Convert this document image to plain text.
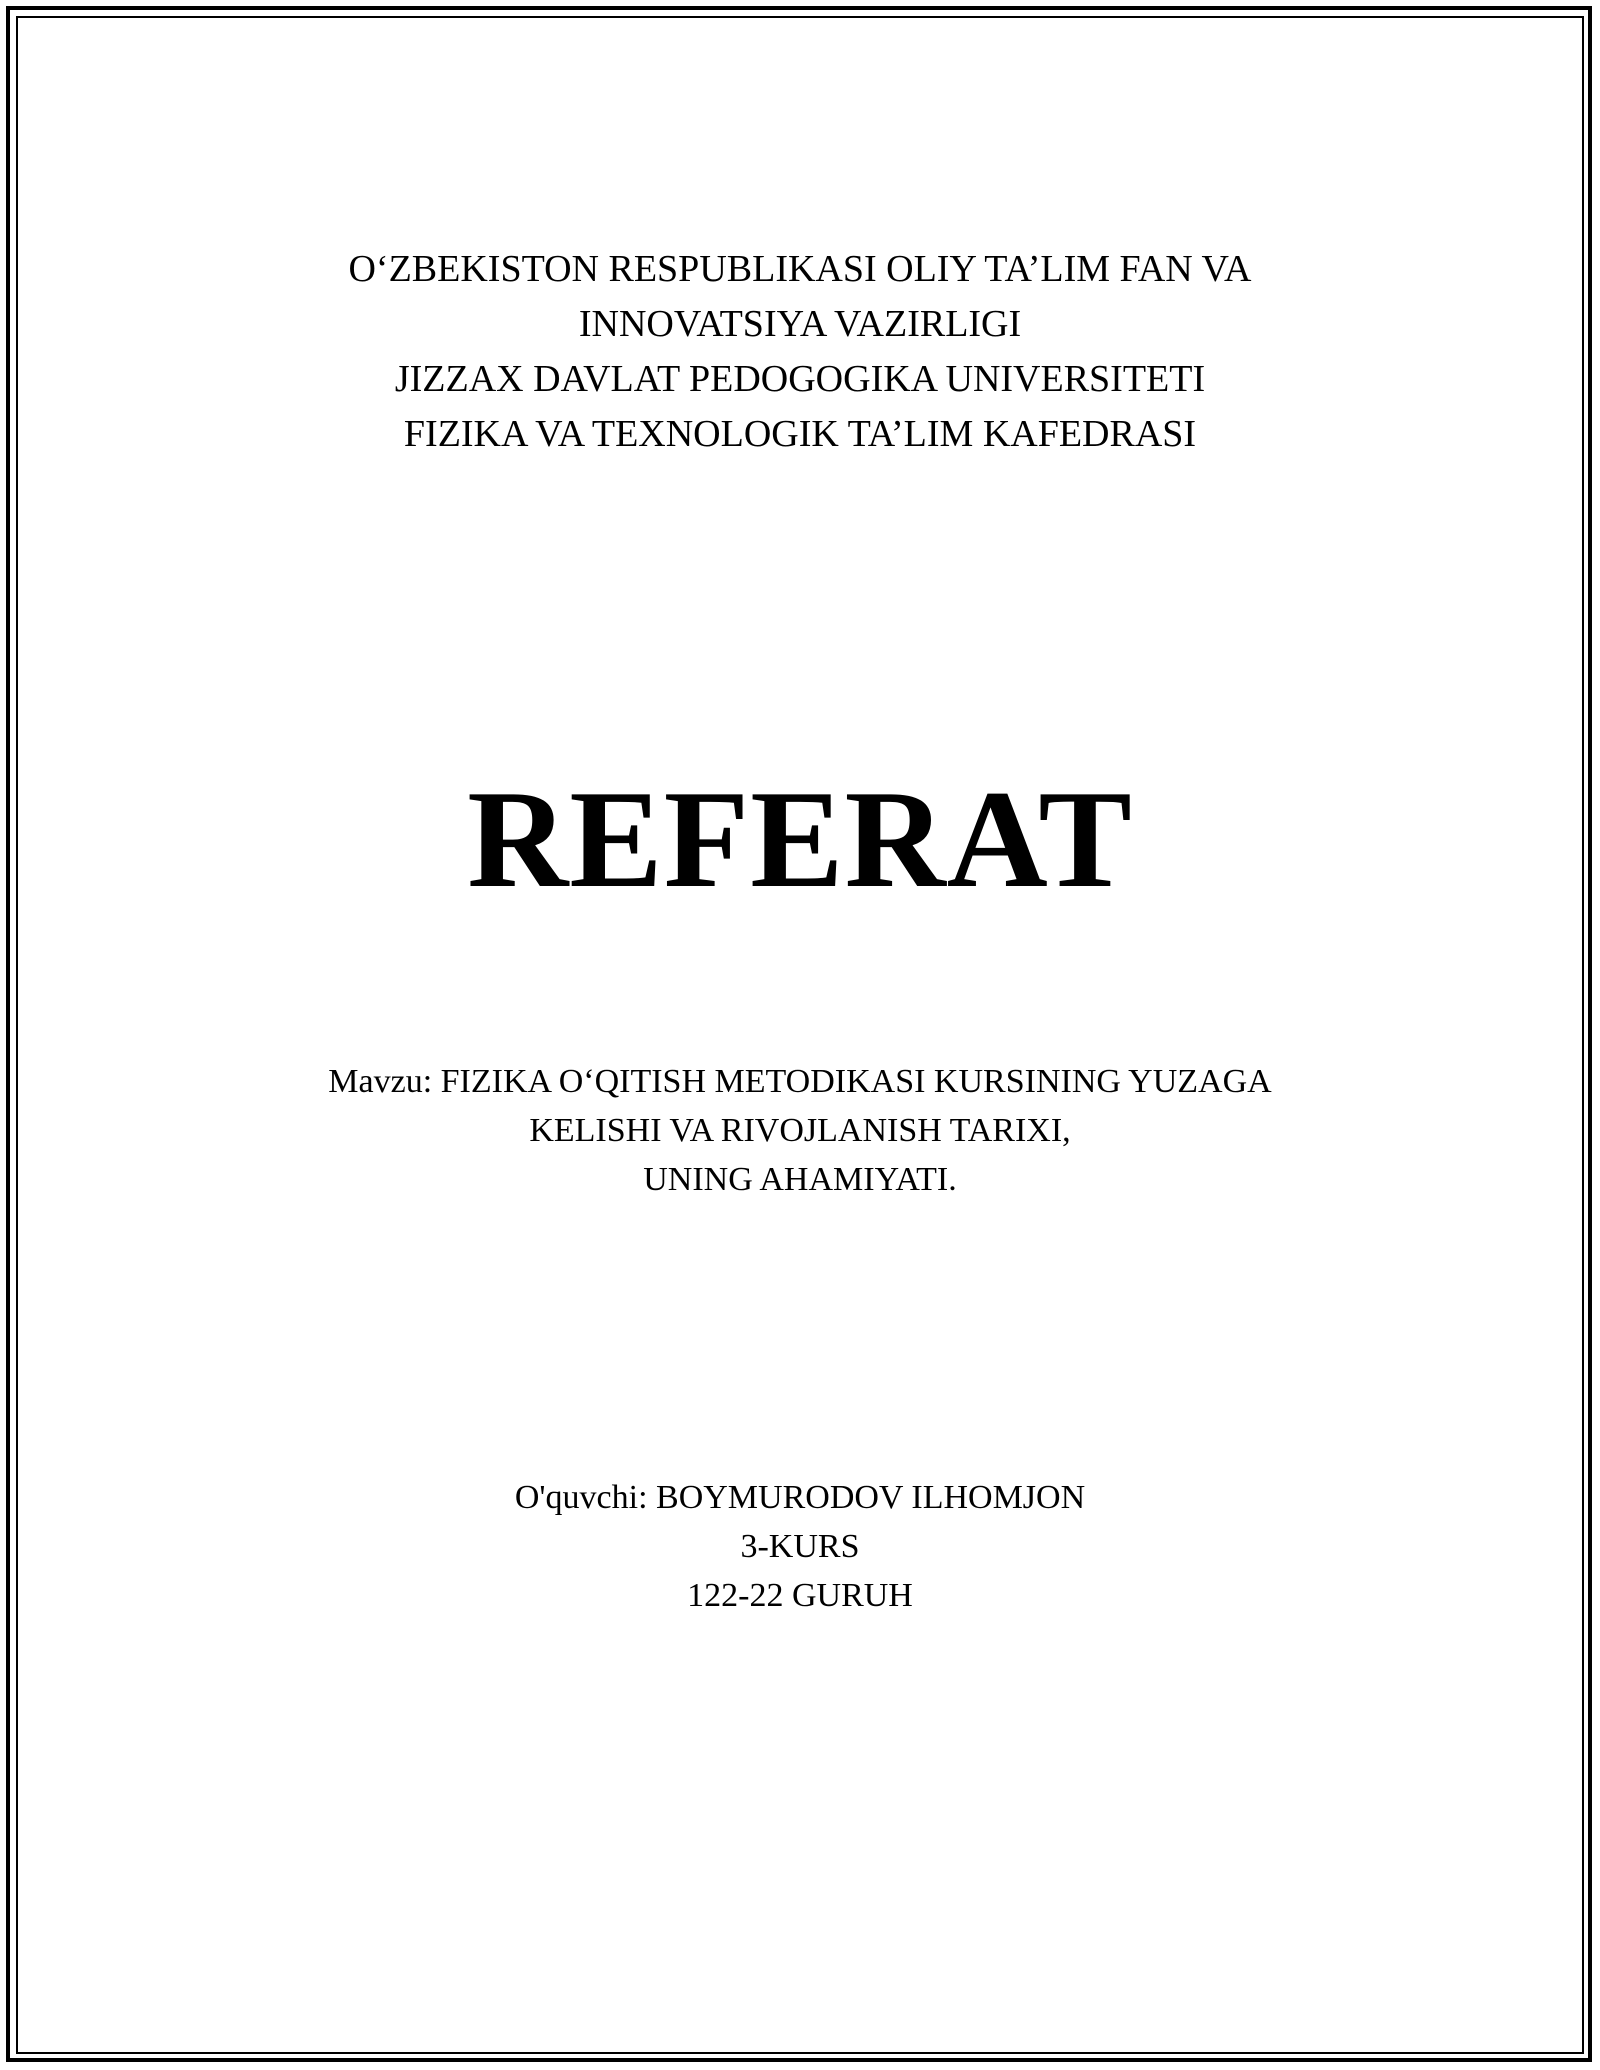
O‘ZBEKISTON RESPUBLIKASI OLIY TA’LIM FAN VA
INNOVATSIYA VAZIRLIGI
JIZZAX DAVLAT PEDOGOGIKA UNIVERSITETI
FIZIKA VA TEXNOLOGIK TA’LIM KAFEDRASI
REFERAT
Mavzu: FIZIKA O‘QITISH METODIKASI KURSINING YUZAGA
KELISHI VA RIVOJLANISH TARIXI,
UNING AHAMIYATI.
O'quvchi: BOYMURODOV ILHOMJON
3-KURS
122-22 GURUH
